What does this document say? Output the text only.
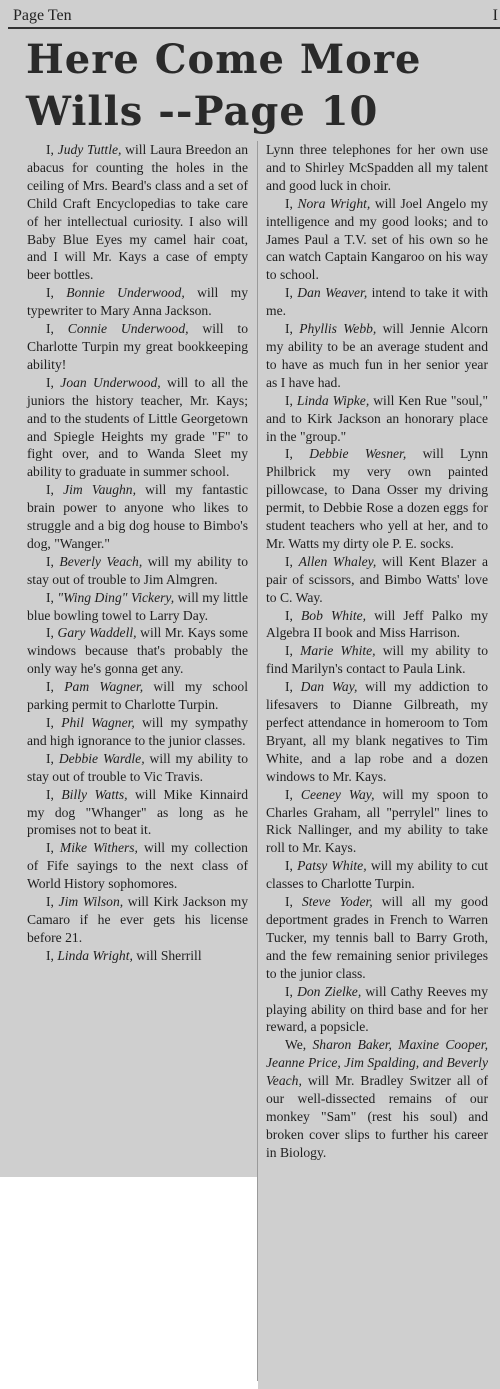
Page Ten	I
Here Come More
Wills --Page 10

I, Judy Tuttle, will Laura Breedon an abacus for counting the holes in the ceiling of Mrs. Beard's class and a set of Child Craft Encyclopedias to take care of her intellectual curiosity. I also will Baby Blue Eyes my camel hair coat, and I will Mr. Kays a case of empty beer bottles.

I, Bonnie Underwood, will my typewriter to Mary Anna Jackson.

I, Connie Underwood, will to Charlotte Turpin my great bookkeeping ability!

I, Joan Underwood, will to all the juniors the history teacher, Mr. Kays; and to the students of Little Georgetown and Spiegle Heights my grade "F" to fight over, and to Wanda Sleet my ability to graduate in summer school.

I, Jim Vaughn, will my fantastic brain power to anyone who likes to struggle and a big dog house to Bimbo's dog, "Wanger."

I, Beverly Veach, will my ability to stay out of trouble to Jim Almgren.

I, "Wing Ding" Vickery, will my little blue bowling towel to Larry Day.

I, Gary Waddell, will Mr. Kays some windows because that's probably the only way he's gonna get any.

I, Pam Wagner, will my school parking permit to Charlotte Turpin.

I, Phil Wagner, will my sympathy and high ignorance to the junior classes.

I, Debbie Wardle, will my ability to stay out of trouble to Vic Travis.

I, Billy Watts, will Mike Kinnaird my dog "Whanger" as long as he promises not to beat it.

I, Mike Withers, will my collection of Fife sayings to the next class of World History sophomores.

I, Jim Wilson, will Kirk Jackson my Camaro if he ever gets his license before 21.

I, Linda Wright, will Sherrill

Lynn three telephones for her own use and to Shirley McSpadden all my talent and good luck in choir.

I, Nora Wright, will Joel Angelo my intelligence and my good looks; and to James Paul a T.V. set of his own so he can watch Captain Kangaroo on his way to school.

I, Dan Weaver, intend to take it with me.

I, Phyllis Webb, will Jennie Alcorn my ability to be an average student and to have as much fun in her senior year as I have had.

I, Linda Wipke, will Ken Rue "soul," and to Kirk Jackson an honorary place in the "group."

I, Debbie Wesner, will Lynn Philbrick my very own painted pillowcase, to Dana Osser my driving permit, to Debbie Rose a dozen eggs for student teachers who yell at her, and to Mr. Watts my dirty ole P. E. socks.

I, Allen Whaley, will Kent Blazer a pair of scissors, and Bimbo Watts' love to C. Way.

I, Bob White, will Jeff Palko my Algebra II book and Miss Harrison.

I, Marie White, will my ability to find Marilyn's contact to Paula Link.

I, Dan Way, will my addiction to lifesavers to Dianne Gilbreath, my perfect attendance in homeroom to Tom Bryant, all my blank negatives to Tim White, and a lap robe and a dozen windows to Mr. Kays.

I, Ceeney Way, will my spoon to Charles Graham, all "perrylel" lines to Rick Nallinger, and my ability to take roll to Mr. Kays.

I, Patsy White, will my ability to cut classes to Charlotte Turpin.

I, Steve Yoder, will all my good deportment grades in French to Warren Tucker, my tennis ball to Barry Groth, and the few remaining senior privileges to the junior class.

I, Don Zielke, will Cathy Reeves my playing ability on third base and for her reward, a popsicle.

We, Sharon Baker, Maxine Cooper, Jeanne Price, Jim Spalding, and Beverly Veach, will Mr. Bradley Switzer all of our well-dissected remains of our monkey "Sam" (rest his soul) and broken cover slips to further his career in Biology.
